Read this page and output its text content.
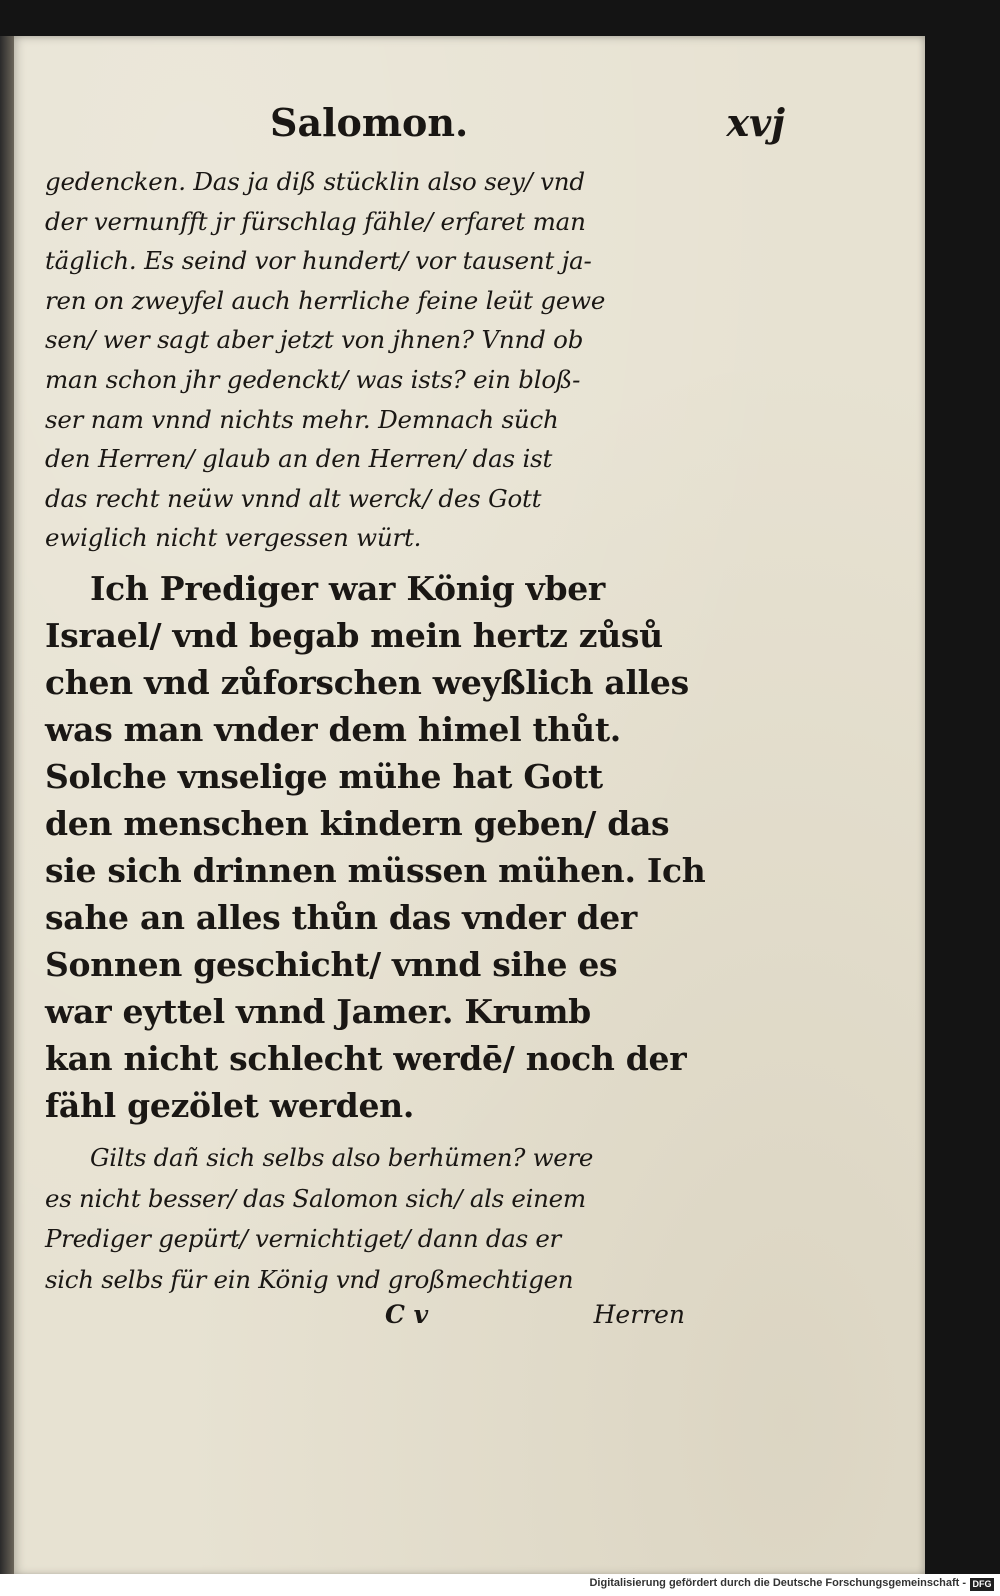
Salomon.	xvj
gedencken. Das ja diß stücklin also sey/ vnd
der vernunfft jr fürschlag fähle/ erfaret man
täglich. Es seind vor hundert/ vor tausent ja-
ren on zweyfel auch herrliche feine leüt gewe
sen/ wer sagt aber jetzt von jhnen? Vnnd ob
man schon jhr gedenckt/ was ists? ein bloß-
ser nam vnnd nichts mehr. Demnach süch
den Herren/ glaub an den Herren/ das ist
das recht neüw vnnd alt werck/ des Gott
ewiglich nicht vergessen würt.
Ich Prediger war König vber
Israel/ vnd begab mein hertz zůsů
chen vnd zůforschen weyßlich alles
was man vnder dem himel thůt.
Solche vnselige mühe hat Gott
den menschen kindern geben/ das
sie sich drinnen müssen mühen. Ich
sahe an alles thůn das vnder der
Sonnen geschicht/ vnnd sihe es
war eyttel vnnd Jamer. Krumb
kan nicht schlecht werdē/ noch der
fähl gezölet werden.
Gilts dañ sich selbs also berhümen? were
es nicht besser/ das Salomon sich/ als einem
Prediger gepürt/ vernichtiget/ dann das er
sich selbs für ein König vnd großmechtigen
C v	Herren
Digitalisierung gefördert durch die Deutsche Forschungsgemeinschaft - DFG
